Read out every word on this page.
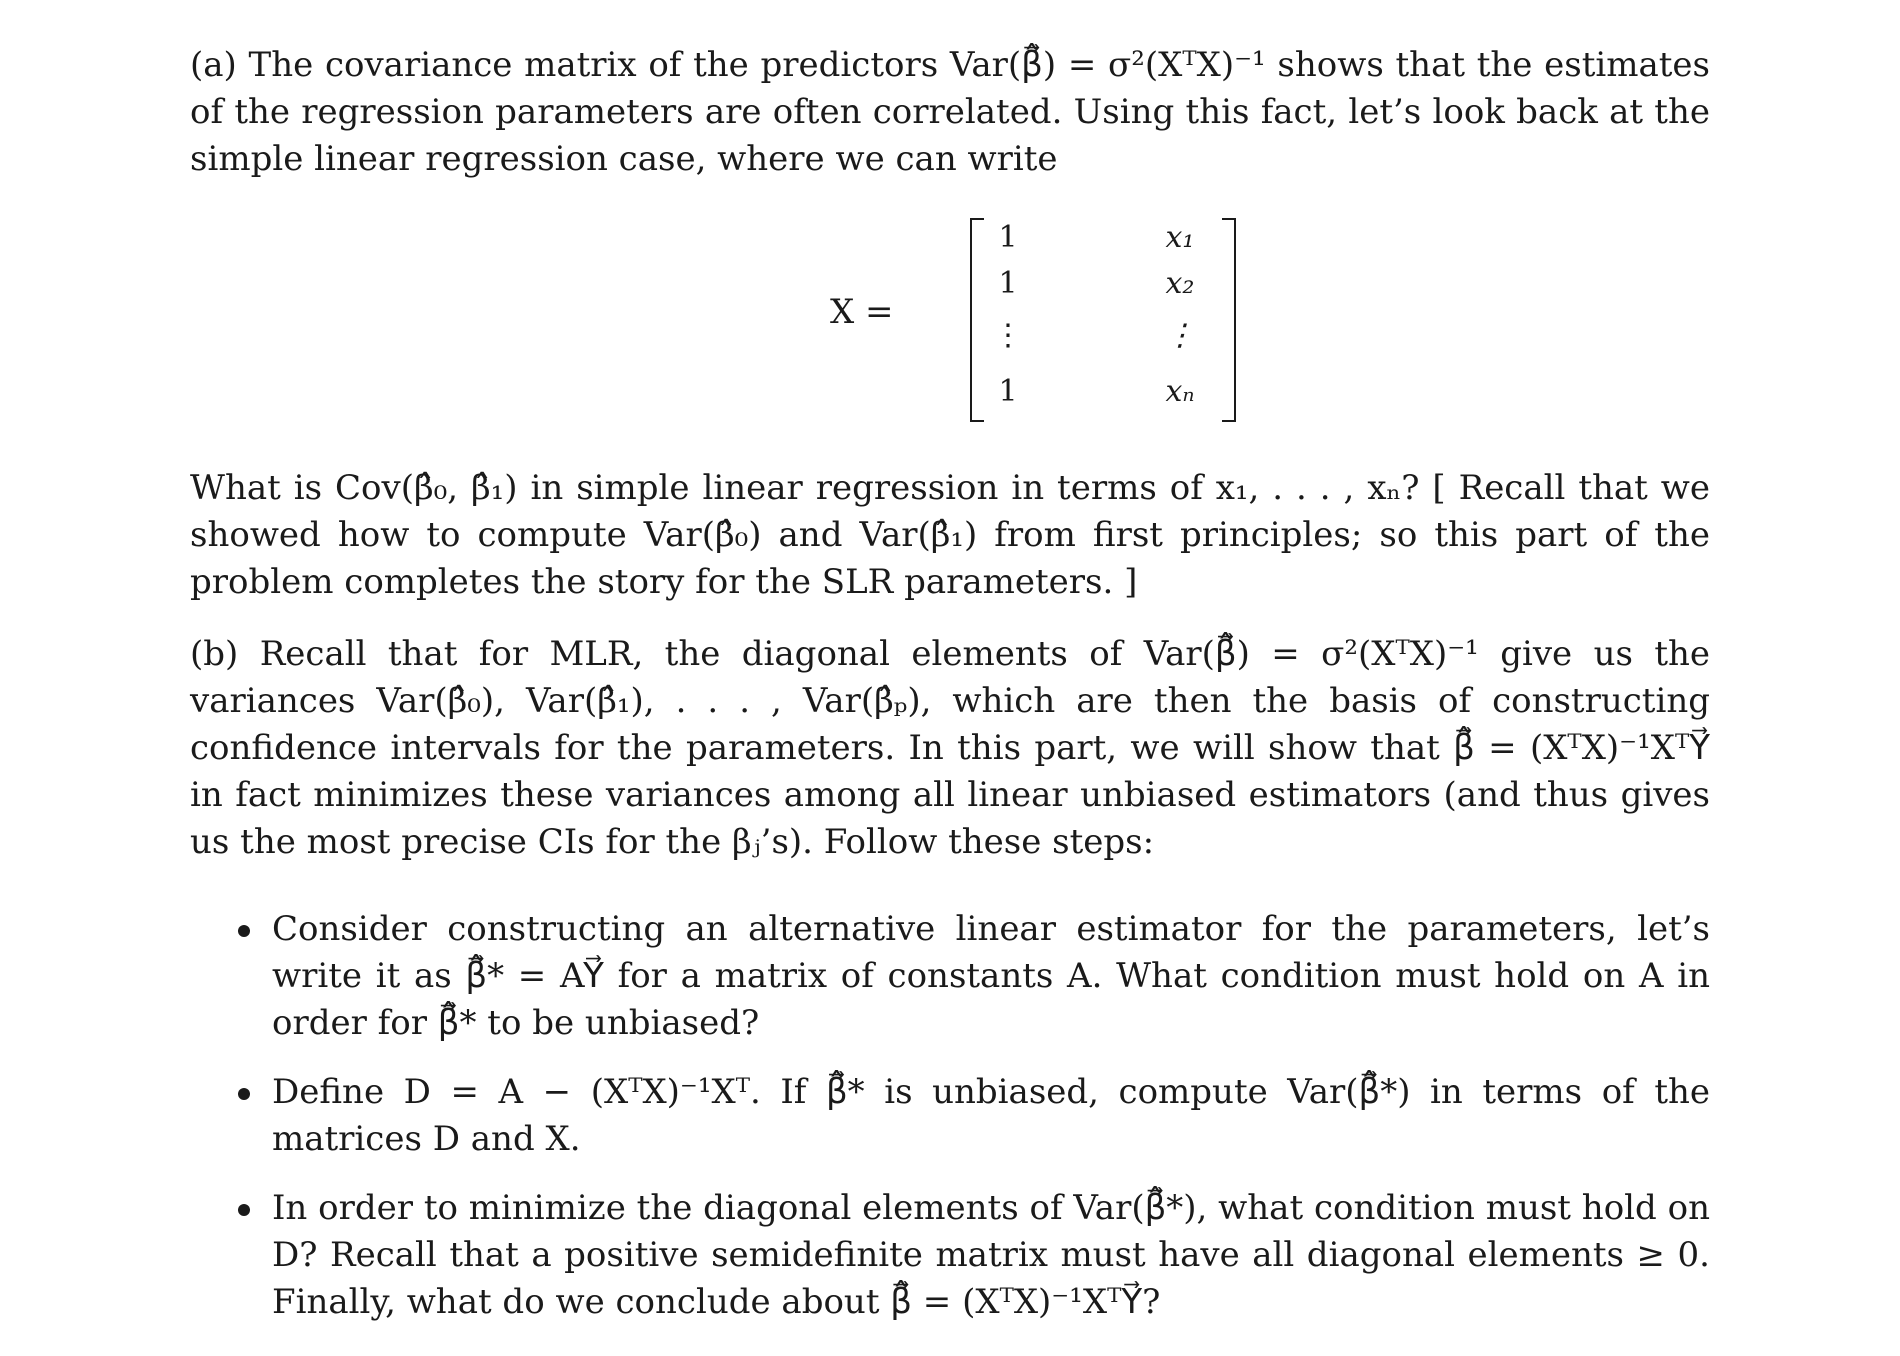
(a) The covariance matrix of the predictors Var(β⃗̂) = σ²(XᵀX)⁻¹ shows that the estimates of the regression parameters are often correlated. Using this fact, let’s look back at the simple linear regression case, where we can write

X =
1	x₁
1	x₂
⋮	⋮
1	xₙ

What is Cov(β̂₀, β̂₁) in simple linear regression in terms of x₁, . . . , xₙ? [ Recall that we showed how to compute Var(β̂₀) and Var(β̂₁) from first principles; so this part of the problem completes the story for the SLR parameters. ]

(b) Recall that for MLR, the diagonal elements of Var(β⃗̂) = σ²(XᵀX)⁻¹ give us the variances Var(β̂₀), Var(β̂₁), . . . , Var(β̂ₚ), which are then the basis of constructing confidence intervals for the parameters. In this part, we will show that β⃗̂ = (XᵀX)⁻¹XᵀY⃗ in fact minimizes these variances among all linear unbiased estimators (and thus gives us the most precise CIs for the βⱼ’s). Follow these steps:

Consider constructing an alternative linear estimator for the parameters, let’s write it as β⃗̂* = AY⃗ for a matrix of constants A. What condition must hold on A in order for β⃗̂* to be unbiased?
Define D = A − (XᵀX)⁻¹Xᵀ. If β⃗̂* is unbiased, compute Var(β⃗̂*) in terms of the matrices D and X.
In order to minimize the diagonal elements of Var(β⃗̂*), what condition must hold on D? Recall that a positive semidefinite matrix must have all diagonal elements ≥ 0. Finally, what do we conclude about β⃗̂ = (XᵀX)⁻¹XᵀY⃗?
